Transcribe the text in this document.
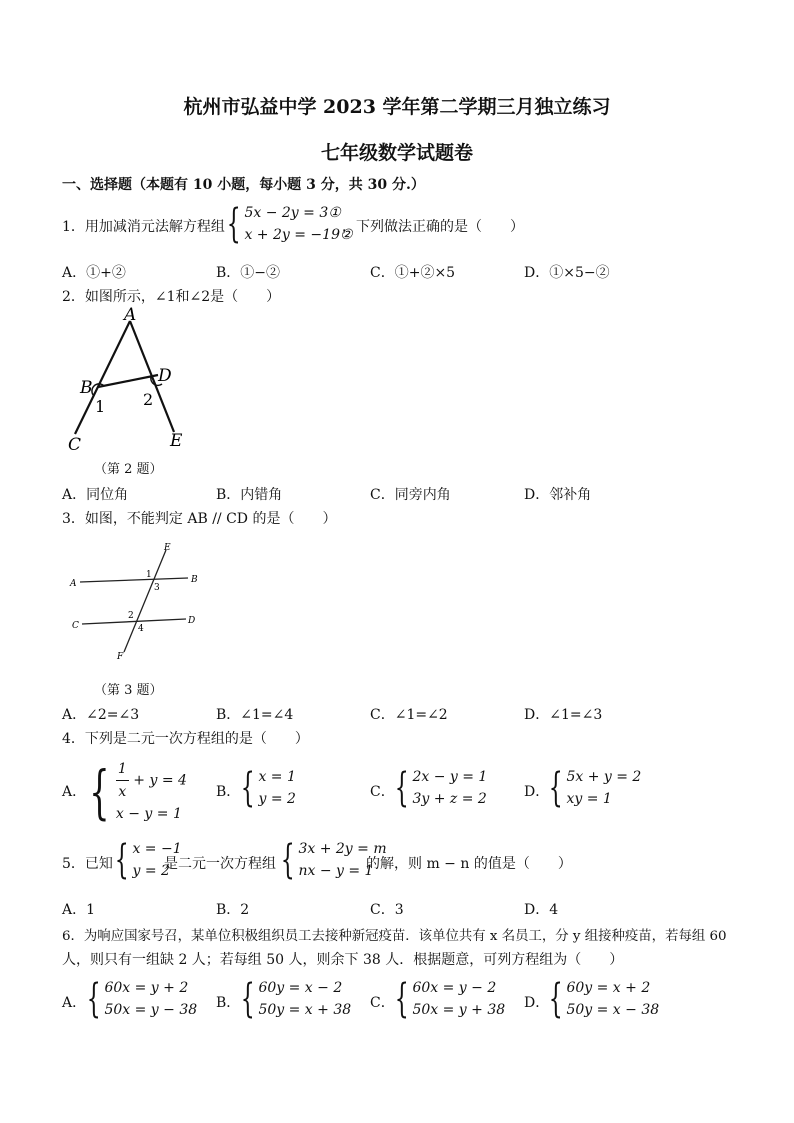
杭州市弘益中学 2023 学年第二学期三月独立练习
七年级数学试题卷
一、选择题（本题有 10 小题，每小题 3 分，共 30 分.）
1．用加减消元法解方程组 { 5x − 2y = 3①
x + 2y = −19②
，下列做法正确的是（　　）
A．①+②	B．①−②	C．①+②×5	D．①×5−②
2．如图所示，∠1和∠2是（　　）
A
B
D
C	E
1 2
（第 2 题）
A．同位角	B．内错角	C．同旁内角	D．邻补角
3．如图，不能判定 AB // CD 的是（　　）
E
A	B
C	D
F
1
3
2
4
（第 3 题）
A．∠2=∠3	B．∠1=∠4	C．∠1=∠2	D．∠1=∠3
4．下列是二元一次方程组的是（　　）
A． { $\frac{1}{x} + y = 4$
x − y = 1
B． { x = 1
y = 2	C． { 2x − y = 1
3y + z = 2	D． { 5x + y = 2
xy = 1
5．已知 { x = −1
y = 2
是二元一次方程组 { 3x + 2y = m
nx − y = 1
的解，则 m − n 的值是（　　）
A．1	B．2	C．3	D．4
6．为响应国家号召，某单位积极组织员工去接种新冠疫苗．该单位共有 x 名员工，分 y 组接种疫苗，若每组 60
人，则只有一组缺 2 人；若每组 50 人，则余下 38 人．根据题意，可列方程组为（　　）
A． { 60x = y + 2
50x = y − 38 B． { 60y = x − 2
50y = x + 38 C． { 60x = y − 2
50x = y + 38 D． { 60y = x + 2
50y = x − 38
